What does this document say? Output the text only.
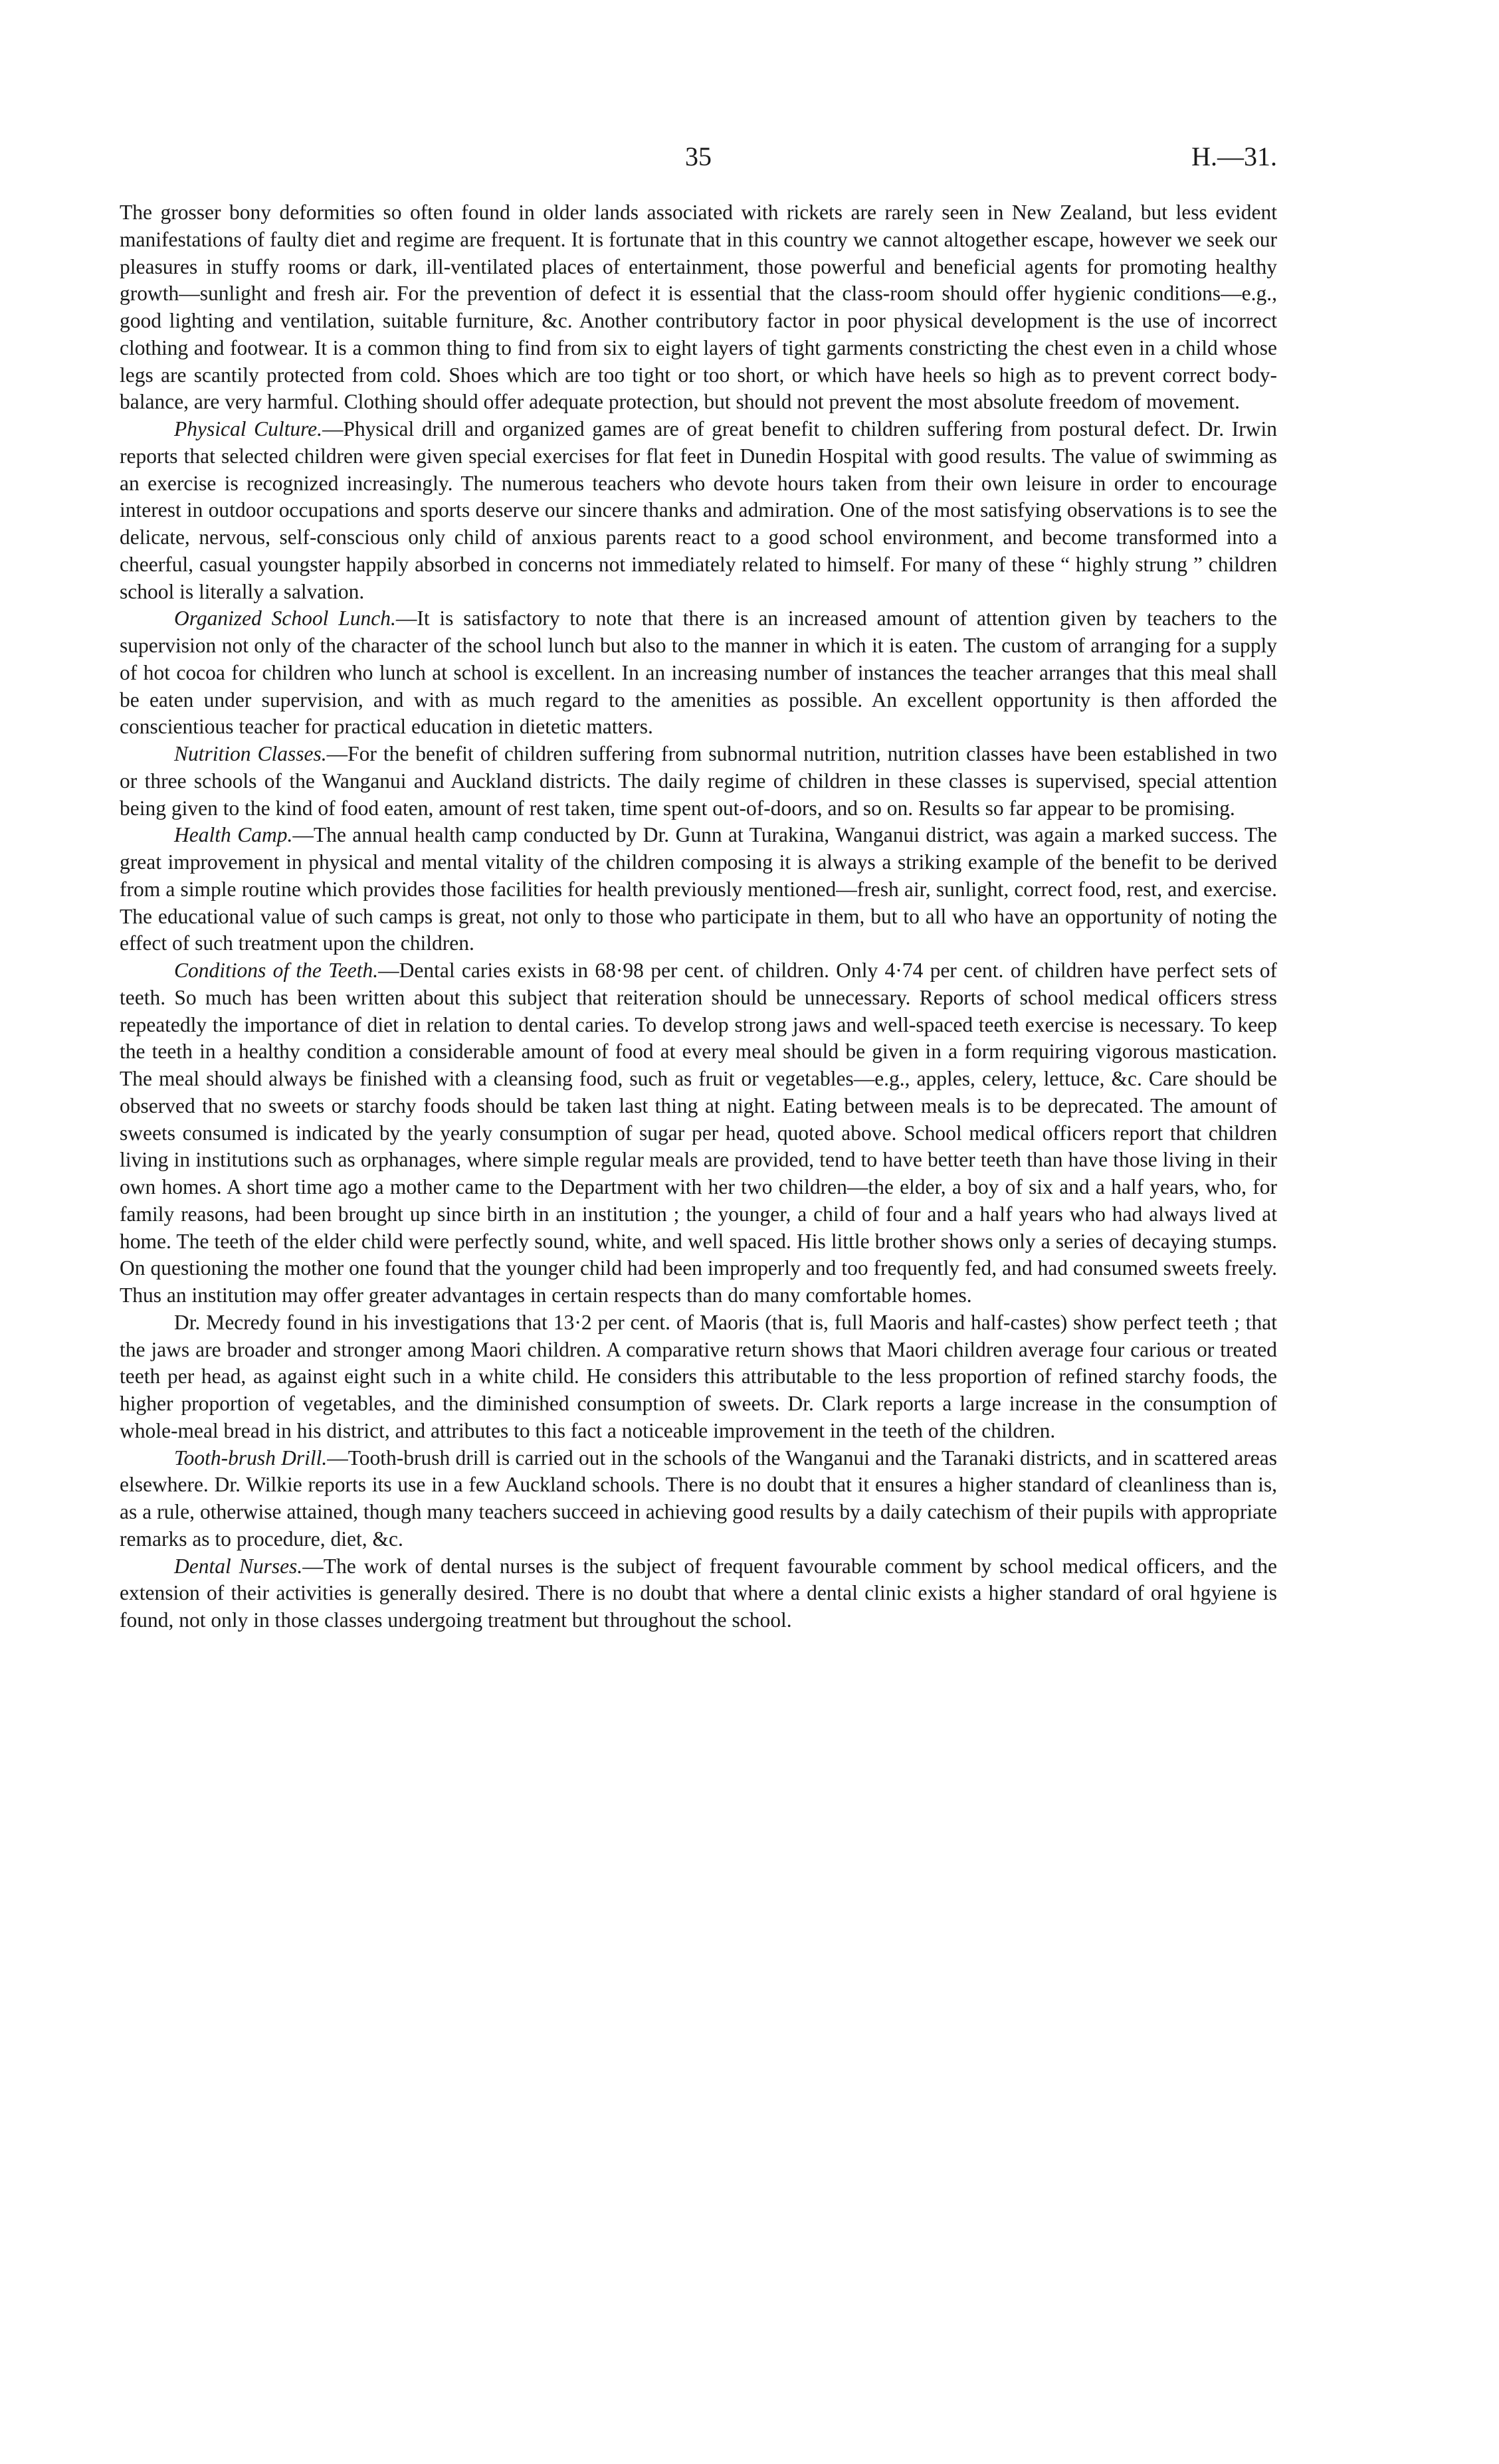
35	H.—31.

The grosser bony deformities so often found in older lands associated with rickets are rarely seen in New Zealand, but less evident manifestations of faulty diet and regime are frequent. It is fortunate that in this country we cannot altogether escape, however we seek our pleasures in stuffy rooms or dark, ill-ventilated places of entertainment, those powerful and beneficial agents for promoting healthy growth—sunlight and fresh air. For the prevention of defect it is essential that the class-room should offer hygienic conditions—e.g., good lighting and ventilation, suitable furniture, &c. Another contributory factor in poor physical development is the use of incorrect clothing and footwear. It is a common thing to find from six to eight layers of tight garments constricting the chest even in a child whose legs are scantily protected from cold. Shoes which are too tight or too short, or which have heels so high as to prevent correct body-balance, are very harmful. Clothing should offer adequate protection, but should not prevent the most absolute freedom of movement.

Physical Culture.—Physical drill and organized games are of great benefit to children suffering from postural defect. Dr. Irwin reports that selected children were given special exercises for flat feet in Dunedin Hospital with good results. The value of swimming as an exercise is recognized increasingly. The numerous teachers who devote hours taken from their own leisure in order to encourage interest in outdoor occupations and sports deserve our sincere thanks and admiration. One of the most satisfying observations is to see the delicate, nervous, self-conscious only child of anxious parents react to a good school environment, and become transformed into a cheerful, casual youngster happily absorbed in concerns not immediately related to himself. For many of these “ highly strung ” children school is literally a salvation.

Organized School Lunch.—It is satisfactory to note that there is an increased amount of attention given by teachers to the supervision not only of the character of the school lunch but also to the manner in which it is eaten. The custom of arranging for a supply of hot cocoa for children who lunch at school is excellent. In an increasing number of instances the teacher arranges that this meal shall be eaten under supervision, and with as much regard to the amenities as possible. An excellent opportunity is then afforded the conscientious teacher for practical education in dietetic matters.

Nutrition Classes.—For the benefit of children suffering from subnormal nutrition, nutrition classes have been established in two or three schools of the Wanganui and Auckland districts. The daily regime of children in these classes is supervised, special attention being given to the kind of food eaten, amount of rest taken, time spent out-of-doors, and so on. Results so far appear to be promising.

Health Camp.—The annual health camp conducted by Dr. Gunn at Turakina, Wanganui district, was again a marked success. The great improvement in physical and mental vitality of the children composing it is always a striking example of the benefit to be derived from a simple routine which provides those facilities for health previously mentioned—fresh air, sunlight, correct food, rest, and exercise. The educational value of such camps is great, not only to those who participate in them, but to all who have an opportunity of noting the effect of such treatment upon the children.

Conditions of the Teeth.—Dental caries exists in 68·98 per cent. of children. Only 4·74 per cent. of children have perfect sets of teeth. So much has been written about this subject that reiteration should be unnecessary. Reports of school medical officers stress repeatedly the importance of diet in relation to dental caries. To develop strong jaws and well-spaced teeth exercise is necessary. To keep the teeth in a healthy condition a considerable amount of food at every meal should be given in a form requiring vigorous mastication. The meal should always be finished with a cleansing food, such as fruit or vegetables—e.g., apples, celery, lettuce, &c. Care should be observed that no sweets or starchy foods should be taken last thing at night. Eating between meals is to be deprecated. The amount of sweets consumed is indicated by the yearly consumption of sugar per head, quoted above. School medical officers report that children living in institutions such as orphanages, where simple regular meals are provided, tend to have better teeth than have those living in their own homes. A short time ago a mother came to the Department with her two children—the elder, a boy of six and a half years, who, for family reasons, had been brought up since birth in an institution ; the younger, a child of four and a half years who had always lived at home. The teeth of the elder child were perfectly sound, white, and well spaced. His little brother shows only a series of decaying stumps. On questioning the mother one found that the younger child had been improperly and too frequently fed, and had consumed sweets freely. Thus an institution may offer greater advantages in certain respects than do many comfortable homes.

Dr. Mecredy found in his investigations that 13·2 per cent. of Maoris (that is, full Maoris and half-castes) show perfect teeth ; that the jaws are broader and stronger among Maori children. A comparative return shows that Maori children average four carious or treated teeth per head, as against eight such in a white child. He considers this attributable to the less proportion of refined starchy foods, the higher proportion of vegetables, and the diminished consumption of sweets. Dr. Clark reports a large increase in the consumption of whole-meal bread in his district, and attributes to this fact a noticeable improvement in the teeth of the children.

Tooth-brush Drill.—Tooth-brush drill is carried out in the schools of the Wanganui and the Taranaki districts, and in scattered areas elsewhere. Dr. Wilkie reports its use in a few Auckland schools. There is no doubt that it ensures a higher standard of cleanliness than is, as a rule, otherwise attained, though many teachers succeed in achieving good results by a daily catechism of their pupils with appropriate remarks as to procedure, diet, &c.

Dental Nurses.—The work of dental nurses is the subject of frequent favourable comment by school medical officers, and the extension of their activities is generally desired. There is no doubt that where a dental clinic exists a higher standard of oral hgyiene is found, not only in those classes undergoing treatment but throughout the school.
